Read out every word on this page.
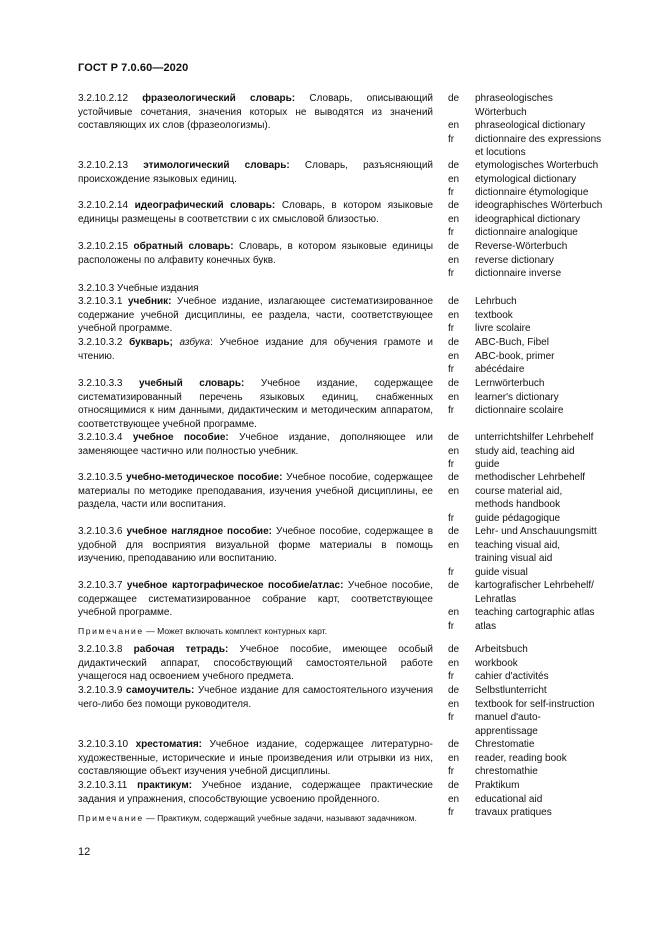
ГОСТ Р 7.0.60—2020
3.2.10.2.12 фразеологический словарь: Словарь, описывающий устойчивые сочетания, значения которых не выводятся из значений составляющих их слов (фразеологизмы).
de	phraseologisches
Wörterbuch
en	phraseological dictionary
fr	dictionnaire des expressions
et locutions
3.2.10.2.13 этимологический словарь: Словарь, разъясняющий происхождение языковых единиц.
de	etymologisches Worterbuch
en	etymological dictionary
fr	dictionnaire étymologique
3.2.10.2.14 идеографический словарь: Словарь, в котором языковые единицы размещены в соответствии с их смысловой близостью.
de	ideographisches Wörterbuch
en	ideographical dictionary
fr	dictionnaire analogique
3.2.10.2.15 обратный словарь: Словарь, в котором языковые единицы расположены по алфавиту конечных букв.
de	Reverse-Wörterbuch
en	reverse dictionary
fr	dictionnaire inverse
3.2.10.3 Учебные издания
3.2.10.3.1 учебник: Учебное издание, излагающее систематизированное содержание учебной дисциплины, ее раздела, части, соответствующее учебной программе.
de	Lehrbuch
en	textbook
fr	livre scolaire
3.2.10.3.2 букварь; азбука: Учебное издание для обучения грамоте и чтению.
de	ABC-Buch, Fibel
en	ABC-book, primer
fr	abécédaire
3.2.10.3.3 учебный словарь: Учебное издание, содержащее систематизированный перечень языковых единиц, снабженных относящимися к ним данными, дидактическим и методическим аппаратом, соответствующее учебной программе.
de	Lernwörterbuch
en	learner's dictionary
fr	dictionnaire scolaire
3.2.10.3.4 учебное пособие: Учебное издание, дополняющее или заменяющее частично или полностью учебник.
de	unterrichtshilfer Lehrbehelf
en	study aid, teaching aid
fr	guide
3.2.10.3.5 учебно-методическое пособие: Учебное пособие, содержащее материалы по методике преподавания, изучения учебной дисциплины, ее раздела, части или воспитания.
de	methodischer Lehrbehelf
en	course material aid,
methods handbook
fr	guide pédagogique
3.2.10.3.6 учебное наглядное пособие: Учебное пособие, содержащее в удобной для восприятия визуальной форме материалы в помощь изучению, преподаванию или воспитанию.
de	Lehr- und Anschauungsmitt
en	teaching visual aid,
training visual aid
fr	guide visual
3.2.10.3.7 учебное картографическое пособие/атлас: Учебное пособие, содержащее систематизированное собрание карт, соответствующее учебной программе.
de	kartografischer Lehrbehelf/
Lehratlas
en	teaching cartographic atlas
fr	atlas
Примечание — Может включать комплект контурных карт.
3.2.10.3.8 рабочая тетрадь: Учебное пособие, имеющее особый дидактический аппарат, способствующий самостоятельной работе учащегося над освоением учебного предмета.
de	Arbeitsbuch
en	workbook
fr	cahier d'activités
3.2.10.3.9 самоучитель: Учебное издание для самостоятельного изучения чего-либо без помощи руководителя.
de	Selbstlunterricht
en	textbook for self-instruction
fr	manuel d'auto-
apprentissage
3.2.10.3.10 хрестоматия: Учебное издание, содержащее литературно-художественные, исторические и иные произведения или отрывки из них, составляющие объект изучения учебной дисциплины.
de	Chrestomatie
en	reader, reading book
fr	chrestomathie
3.2.10.3.11 практикум: Учебное издание, содержащее практические задания и упражнения, способствующие усвоению пройденного.
de	Praktikum
en	educational aid
fr	travaux pratiques
Примечание — Практикум, содержащий учебные задачи, называют задачником.
12
